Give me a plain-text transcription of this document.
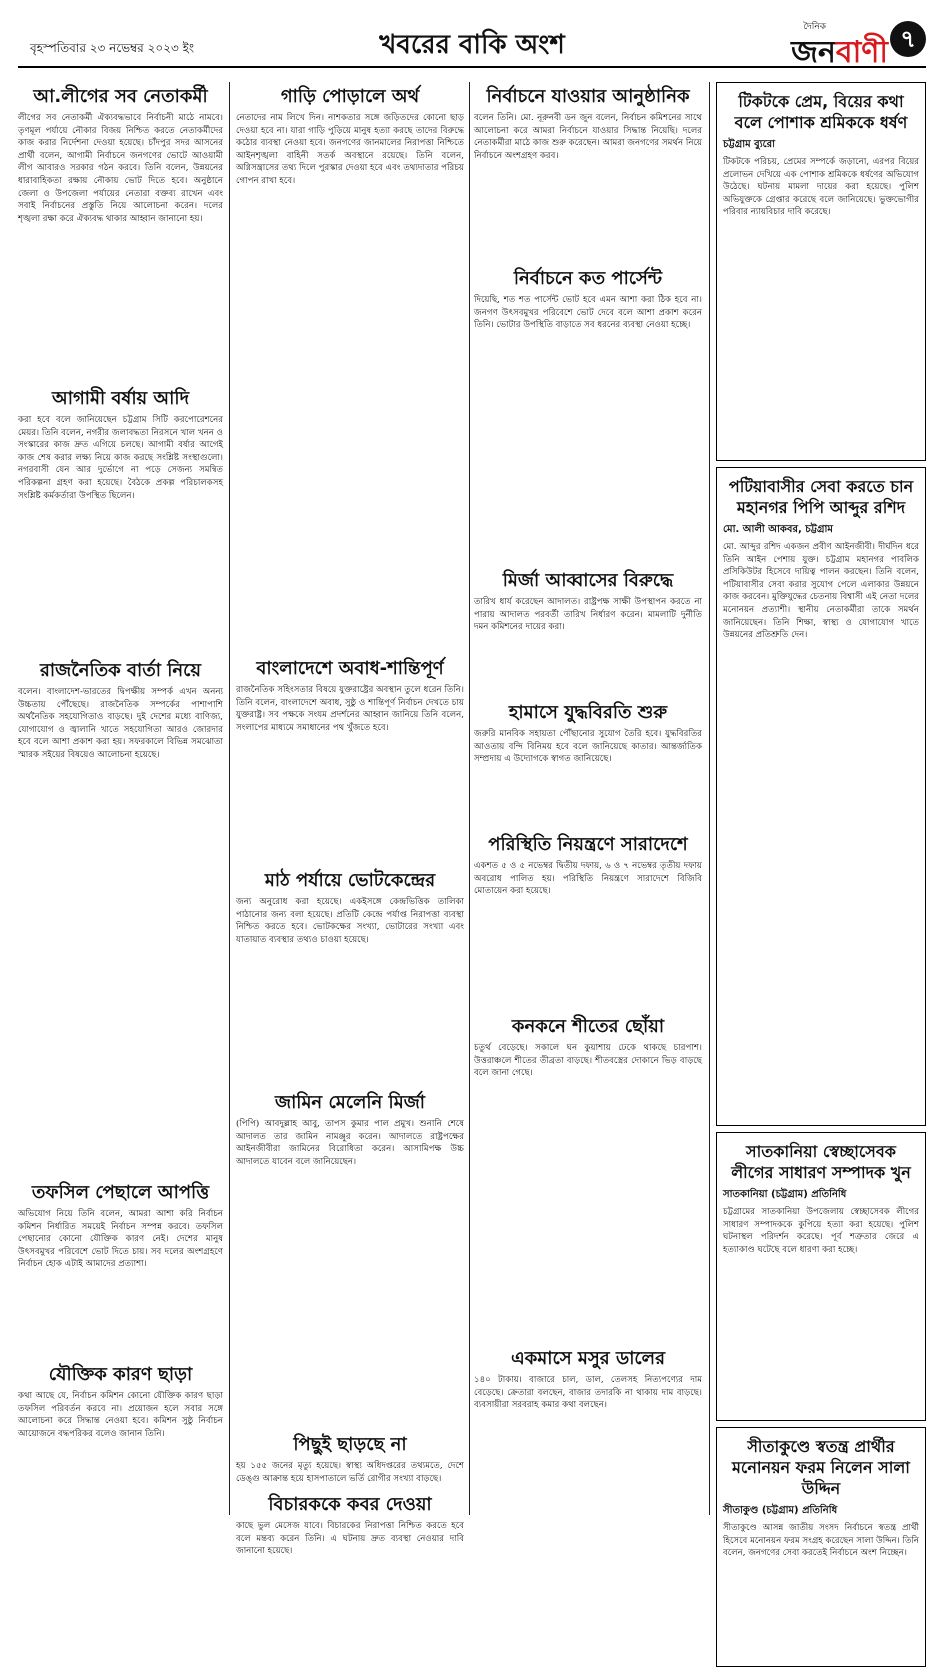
বৃহস্পতিবার ২৩ নভেম্বর ২০২৩ ইং	খবরের বাকি অংশ
দৈনিক
জনবাণী ৭
আ.লীগের সব নেতাকর্মী

লীগের সব নেতাকর্মী ঐক্যবদ্ধভাবে নির্বাচনী মাঠে নামবে। তৃণমূল পর্যায়ে নৌকার বিজয় নিশ্চিত করতে নেতাকর্মীদের কাজ করার নির্দেশনা দেওয়া হয়েছে। চাঁদপুর সদর আসনের প্রার্থী বলেন, আগামী নির্বাচনে জনগণের ভোটে আওয়ামী লীগ আবারও সরকার গঠন করবে। তিনি বলেন, উন্নয়নের ধারাবাহিকতা রক্ষায় নৌকায় ভোট দিতে হবে। অনুষ্ঠানে জেলা ও উপজেলা পর্যায়ের নেতারা বক্তব্য রাখেন এবং সবাই নির্বাচনের প্রস্তুতি নিয়ে আলোচনা করেন। দলের শৃঙ্খলা রক্ষা করে ঐক্যবদ্ধ থাকার আহ্বান জানানো হয়।

আগামী বর্ষায় আদি

করা হবে বলে জানিয়েছেন চট্টগ্রাম সিটি করপোরেশনের মেয়র। তিনি বলেন, নগরীর জলাবদ্ধতা নিরসনে খাল খনন ও সংস্কারের কাজ দ্রুত এগিয়ে চলছে। আগামী বর্ষার আগেই কাজ শেষ করার লক্ষ্য নিয়ে কাজ করছে সংশ্লিষ্ট সংস্থাগুলো। নগরবাসী যেন আর দুর্ভোগে না পড়ে সেজন্য সমন্বিত পরিকল্পনা গ্রহণ করা হয়েছে। বৈঠকে প্রকল্প পরিচালকসহ সংশ্লিষ্ট কর্মকর্তারা উপস্থিত ছিলেন।

রাজনৈতিক বার্তা নিয়ে

বলেন। বাংলাদেশ-ভারতের দ্বিপক্ষীয় সম্পর্ক এখন অনন্য উচ্চতায় পৌঁছেছে। রাজনৈতিক সম্পর্কের পাশাপাশি অর্থনৈতিক সহযোগিতাও বাড়ছে। দুই দেশের মধ্যে বাণিজ্য, যোগাযোগ ও জ্বালানি খাতে সহযোগিতা আরও জোরদার হবে বলে আশা প্রকাশ করা হয়। সফরকালে বিভিন্ন সমঝোতা স্মারক সইয়ের বিষয়েও আলোচনা হয়েছে।

তফসিল পেছালে আপত্তি

অভিযোগ নিয়ে তিনি বলেন, আমরা আশা করি নির্বাচন কমিশন নির্ধারিত সময়েই নির্বাচন সম্পন্ন করবে। তফসিল পেছানোর কোনো যৌক্তিক কারণ নেই। দেশের মানুষ উৎসবমুখর পরিবেশে ভোট দিতে চায়। সব দলের অংশগ্রহণে নির্বাচন হোক এটাই আমাদের প্রত্যাশা।

যৌক্তিক কারণ ছাড়া

কথা আছে যে, নির্বাচন কমিশন কোনো যৌক্তিক কারণ ছাড়া তফসিল পরিবর্তন করবে না। প্রয়োজন হলে সবার সঙ্গে আলোচনা করে সিদ্ধান্ত নেওয়া হবে। কমিশন সুষ্ঠু নির্বাচন আয়োজনে বদ্ধপরিকর বলেও জানান তিনি।

গাড়ি পোড়ালে অর্থ

নেতাদের নাম লিখে দিন। নাশকতার সঙ্গে জড়িতদের কোনো ছাড় দেওয়া হবে না। যারা গাড়ি পুড়িয়ে মানুষ হত্যা করছে তাদের বিরুদ্ধে কঠোর ব্যবস্থা নেওয়া হবে। জনগণের জানমালের নিরাপত্তা নিশ্চিতে আইনশৃঙ্খলা বাহিনী সতর্ক অবস্থানে রয়েছে। তিনি বলেন, অগ্নিসন্ত্রাসের তথ্য দিলে পুরস্কার দেওয়া হবে এবং তথ্যদাতার পরিচয় গোপন রাখা হবে।

বাংলাদেশে অবাধ-শান্তিপূর্ণ

রাজনৈতিক সহিংসতার বিষয়ে যুক্তরাষ্ট্রের অবস্থান তুলে ধরেন তিনি। তিনি বলেন, বাংলাদেশে অবাধ, সুষ্ঠু ও শান্তিপূর্ণ নির্বাচন দেখতে চায় যুক্তরাষ্ট্র। সব পক্ষকে সংযম প্রদর্শনের আহ্বান জানিয়ে তিনি বলেন, সংলাপের মাধ্যমে সমাধানের পথ খুঁজতে হবে।

মাঠ পর্যায়ে ভোটকেন্দ্রের

জন্য অনুরোধ করা হয়েছে। একইসঙ্গে কেন্দ্রভিত্তিক তালিকা পাঠানোর জন্য বলা হয়েছে। প্রতিটি কেন্দ্রে পর্যাপ্ত নিরাপত্তা ব্যবস্থা নিশ্চিত করতে হবে। ভোটকক্ষের সংখ্যা, ভোটারের সংখ্যা এবং যাতায়াত ব্যবস্থার তথ্যও চাওয়া হয়েছে।

জামিন মেলেনি মির্জা

(পিপি) আবদুল্লাহ আবু, তাপস কুমার পাল প্রমুখ। শুনানি শেষে আদালত তার জামিন নামঞ্জুর করেন। আদালতে রাষ্ট্রপক্ষের আইনজীবীরা জামিনের বিরোধিতা করেন। আসামিপক্ষ উচ্চ আদালতে যাবেন বলে জানিয়েছেন।

পিছুই ছাড়ছে না

হয় ১৫৫ জনের মৃত্যু হয়েছে। স্বাস্থ্য অধিদপ্তরের তথ্যমতে, দেশে ডেঙ্গু আক্রান্ত হয়ে হাসপাতালে ভর্তি রোগীর সংখ্যা বাড়ছে।

বিচারককে কবর দেওয়া

কাছে ভুল মেসেজ যাবে। বিচারকের নিরাপত্তা নিশ্চিত করতে হবে বলে মন্তব্য করেন তিনি। এ ঘটনায় দ্রুত ব্যবস্থা নেওয়ার দাবি জানানো হয়েছে।

নির্বাচনে যাওয়ার আনুষ্ঠানিক

বলেন তিনি। মো. নূরুনবী ডন জুন বলেন, নির্বাচন কমিশনের সাথে আলোচনা করে আমরা নির্বাচনে যাওয়ার সিদ্ধান্ত নিয়েছি। দলের নেতাকর্মীরা মাঠে কাজ শুরু করেছেন। আমরা জনগণের সমর্থন নিয়ে নির্বাচনে অংশগ্রহণ করব।

নির্বাচনে কত পার্সেন্ট

দিয়েছি, শত শত পার্সেন্ট ভোট হবে এমন আশা করা ঠিক হবে না। জনগণ উৎসবমুখর পরিবেশে ভোট দেবে বলে আশা প্রকাশ করেন তিনি। ভোটার উপস্থিতি বাড়াতে সব ধরনের ব্যবস্থা নেওয়া হচ্ছে।

মির্জা আব্বাসের বিরুদ্ধে

তারিখ ধার্য করেছেন আদালত। রাষ্ট্রপক্ষ সাক্ষী উপস্থাপন করতে না পারায় আদালত পরবর্তী তারিখ নির্ধারণ করেন। মামলাটি দুর্নীতি দমন কমিশনের দায়ের করা।

হামাসে যুদ্ধবিরতি শুরু

জরুরি মানবিক সহায়তা পৌঁছানোর সুযোগ তৈরি হবে। যুদ্ধবিরতির আওতায় বন্দি বিনিময় হবে বলে জানিয়েছে কাতার। আন্তর্জাতিক সম্প্রদায় এ উদ্যোগকে স্বাগত জানিয়েছে।

পরিস্থিতি নিয়ন্ত্রণে সারাদেশে

একশত ৫ ও ৫ নভেম্বর দ্বিতীয় দফায়, ৬ ও ৭ নভেম্বর তৃতীয় দফায় অবরোধ পালিত হয়। পরিস্থিতি নিয়ন্ত্রণে সারাদেশে বিজিবি মোতায়েন করা হয়েছে।

কনকনে শীতের ছোঁয়া

চতুর্থ বেড়েছে। সকালে ঘন কুয়াশায় ঢেকে থাকছে চারপাশ। উত্তরাঞ্চলে শীতের তীব্রতা বাড়ছে। শীতবস্ত্রের দোকানে ভিড় বাড়ছে বলে জানা গেছে।

একমাসে মসুর ডালের

১৪০ টাকায়। বাজারে চাল, ডাল, তেলসহ নিত্যপণ্যের দাম বেড়েছে। ক্রেতারা বলছেন, বাজার তদারকি না থাকায় দাম বাড়ছে। ব্যবসায়ীরা সরবরাহ কমার কথা বলছেন।

টিকটকে প্রেম, বিয়ের কথা বলে পোশাক শ্রমিককে ধর্ষণ
চট্টগ্রাম ব্যুরো

টিকটকে পরিচয়, প্রেমের সম্পর্কে জড়ানো, এরপর বিয়ের প্রলোভন দেখিয়ে এক পোশাক শ্রমিককে ধর্ষণের অভিযোগ উঠেছে। ঘটনায় মামলা দায়ের করা হয়েছে। পুলিশ অভিযুক্তকে গ্রেপ্তার করেছে বলে জানিয়েছে। ভুক্তভোগীর পরিবার ন্যায়বিচার দাবি করেছে।

পটিয়াবাসীর সেবা করতে চান মহানগর পিপি আব্দুর রশিদ
মো. আলী আকবর, চট্টগ্রাম

মো. আব্দুর রশিদ একজন প্রবীণ আইনজীবী। দীর্ঘদিন ধরে তিনি আইন পেশায় যুক্ত। চট্টগ্রাম মহানগর পাবলিক প্রসিকিউটর হিসেবে দায়িত্ব পালন করছেন। তিনি বলেন, পটিয়াবাসীর সেবা করার সুযোগ পেলে এলাকার উন্নয়নে কাজ করবেন। মুক্তিযুদ্ধের চেতনায় বিশ্বাসী এই নেতা দলের মনোনয়ন প্রত্যাশী। স্থানীয় নেতাকর্মীরা তাকে সমর্থন জানিয়েছেন। তিনি শিক্ষা, স্বাস্থ্য ও যোগাযোগ খাতে উন্নয়নের প্রতিশ্রুতি দেন।

সাতকানিয়া স্বেচ্ছাসেবক লীগের সাধারণ সম্পাদক খুন
সাতকানিয়া (চট্টগ্রাম) প্রতিনিধি

চট্টগ্রামের সাতকানিয়া উপজেলায় স্বেচ্ছাসেবক লীগের সাধারণ সম্পাদককে কুপিয়ে হত্যা করা হয়েছে। পুলিশ ঘটনাস্থল পরিদর্শন করেছে। পূর্ব শত্রুতার জেরে এ হত্যাকাণ্ড ঘটেছে বলে ধারণা করা হচ্ছে।

সীতাকুণ্ডে স্বতন্ত্র প্রার্থীর মনোনয়ন ফরম নিলেন সালা উদ্দিন
সীতাকুণ্ড (চট্টগ্রাম) প্রতিনিধি

সীতাকুণ্ডে আসন্ন জাতীয় সংসদ নির্বাচনে স্বতন্ত্র প্রার্থী হিসেবে মনোনয়ন ফরম সংগ্রহ করেছেন সালা উদ্দিন। তিনি বলেন, জনগণের সেবা করতেই নির্বাচনে অংশ নিচ্ছেন।
